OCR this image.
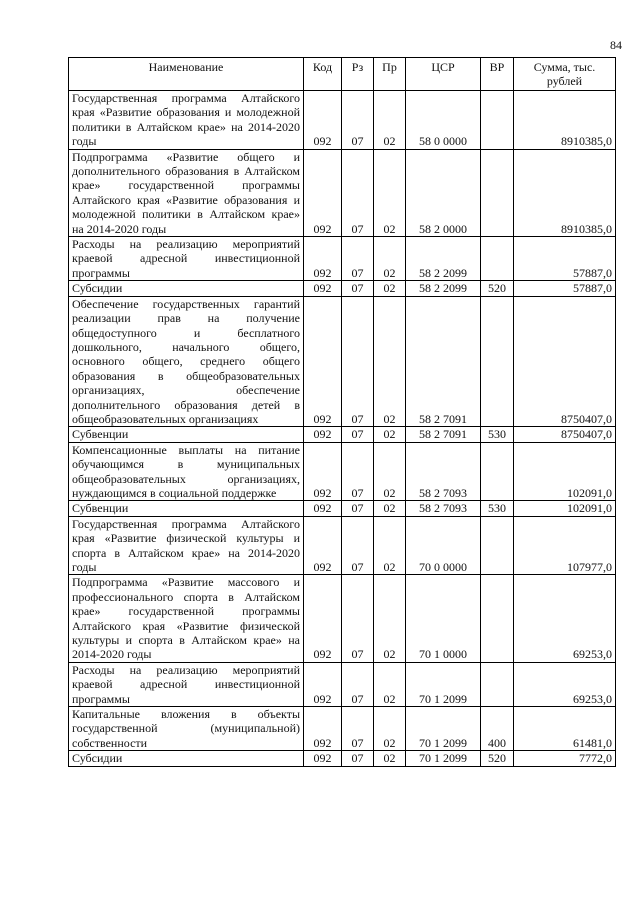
84
Наименование	Код	Рз	Пр	ЦСР	ВР	Сумма, тыс. рублей
Государственная программа Алтайского края «Развитие образования и молодежной политики в Алтайском крае» на 2014-2020 годы	092	07	02	58 0 0000		8910385,0
Подпрограмма «Развитие общего и дополнительного образования в Алтайском крае» государственной программы Алтайского края «Развитие образования и молодежной политики в Алтайском крае» на 2014-2020 годы	092	07	02	58 2 0000		8910385,0
Расходы на реализацию мероприятий краевой адресной инвестиционной программы	092	07	02	58 2 2099		57887,0
Субсидии	092	07	02	58 2 2099	520	57887,0
Обеспечение государственных гарантий реализации прав на получение общедоступного и бесплатного дошкольного, начального общего, основного общего, среднего общего образования в общеобразовательных организациях, обеспечение дополнительного образования детей в общеобразовательных организациях	092	07	02	58 2 7091		8750407,0
Субвенции	092	07	02	58 2 7091	530	8750407,0
Компенсационные выплаты на питание обучающимся в муниципальных общеобразовательных организациях, нуждающимся в социальной поддержке	092	07	02	58 2 7093		102091,0
Субвенции	092	07	02	58 2 7093	530	102091,0
Государственная программа Алтайского края «Развитие физической культуры и спорта в Алтайском крае» на 2014-2020 годы	092	07	02	70 0 0000		107977,0
Подпрограмма «Развитие массового и профессионального спорта в Алтайском крае» государственной программы Алтайского края «Развитие физической культуры и спорта в Алтайском крае» на 2014-2020 годы	092	07	02	70 1 0000		69253,0
Расходы на реализацию мероприятий краевой адресной инвестиционной программы	092	07	02	70 1 2099		69253,0
Капитальные вложения в объекты государственной (муниципальной) собственности	092	07	02	70 1 2099	400	61481,0
Субсидии	092	07	02	70 1 2099	520	7772,0
